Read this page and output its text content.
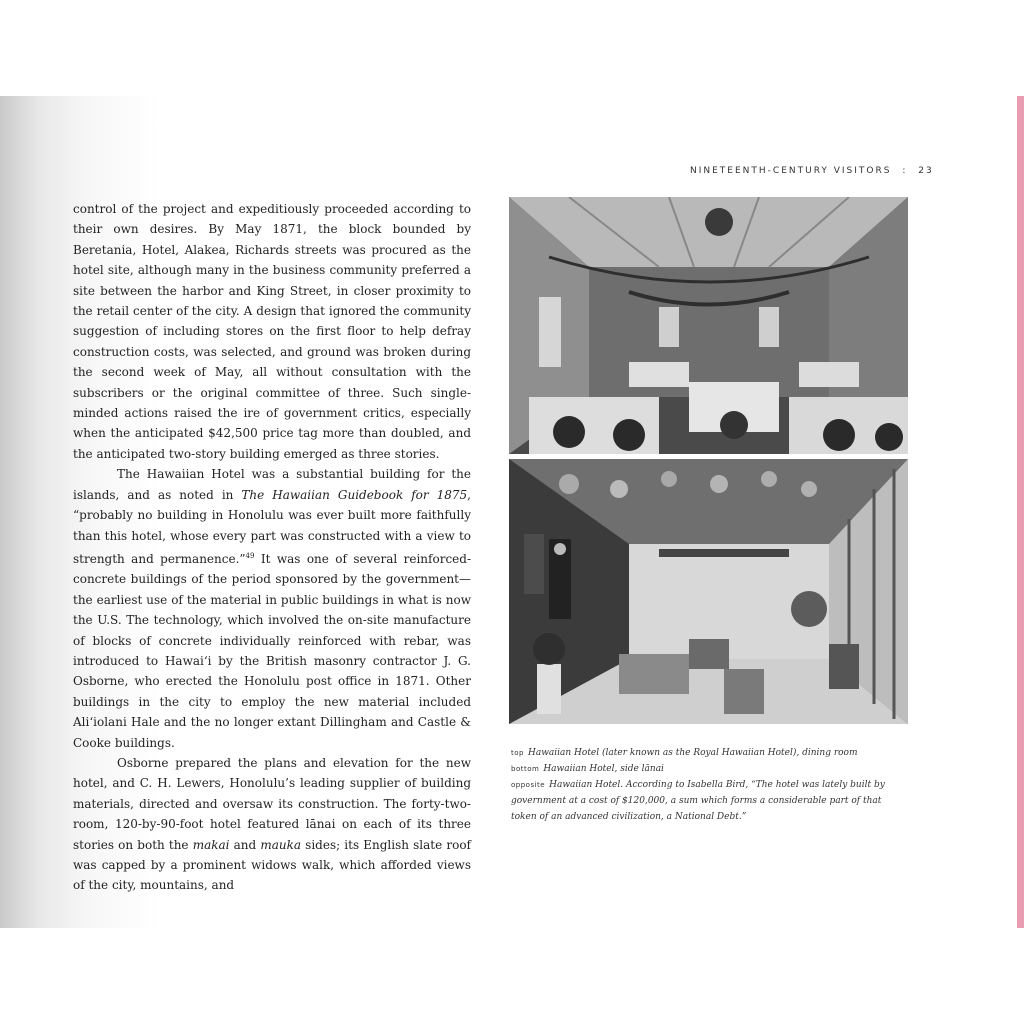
NINETEENTH-CENTURY VISITORS : 23

control of the project and expeditiously proceeded according to their own desires. By May 1871, the block bounded by Beretania, Hotel, Alakea, Richards streets was procured as the hotel site, although many in the business community preferred a site between the harbor and King Street, in closer proximity to the retail center of the city. A design that ignored the community suggestion of including stores on the first floor to help defray construction costs, was selected, and ground was broken during the second week of May, all without consultation with the subscribers or the original committee of three. Such single-minded actions raised the ire of government critics, especially when the anticipated $42,500 price tag more than doubled, and the anticipated two-story building emerged as three stories.

The Hawaiian Hotel was a substantial building for the islands, and as noted in The Hawaiian Guidebook for 1875, “probably no building in Honolulu was ever built more faithfully than this hotel, whose every part was constructed with a view to strength and permanence.”$^{49}$ It was one of several reinforced-concrete buildings of the period sponsored by the government—the earliest use of the material in public buildings in what is now the U.S. The technology, which involved the on-site manufacture of blocks of concrete individually reinforced with rebar, was introduced to Hawai‘i by the British masonry contractor J. G. Osborne, who erected the Honolulu post office in 1871. Other buildings in the city to employ the new material included Ali‘iolani Hale and the no longer extant Dillingham and Castle & Cooke buildings.

Osborne prepared the plans and elevation for the new hotel, and C. H. Lewers, Honolulu’s leading supplier of building materials, directed and oversaw its construction. The forty-two-room, 120-by-90-foot hotel featured lānai on each of its three stories on both the makai and mauka sides; its English slate roof was capped by a prominent widows walk, which afforded views of the city, mountains, and

top Hawaiian Hotel (later known as the Royal Hawaiian Hotel), dining room
bottom Hawaiian Hotel, side lānai
opposite Hawaiian Hotel. According to Isabella Bird, “The hotel was lately built by
government at a cost of $120,000, a sum which forms a considerable part of that
token of an advanced civilization, a National Debt.”
